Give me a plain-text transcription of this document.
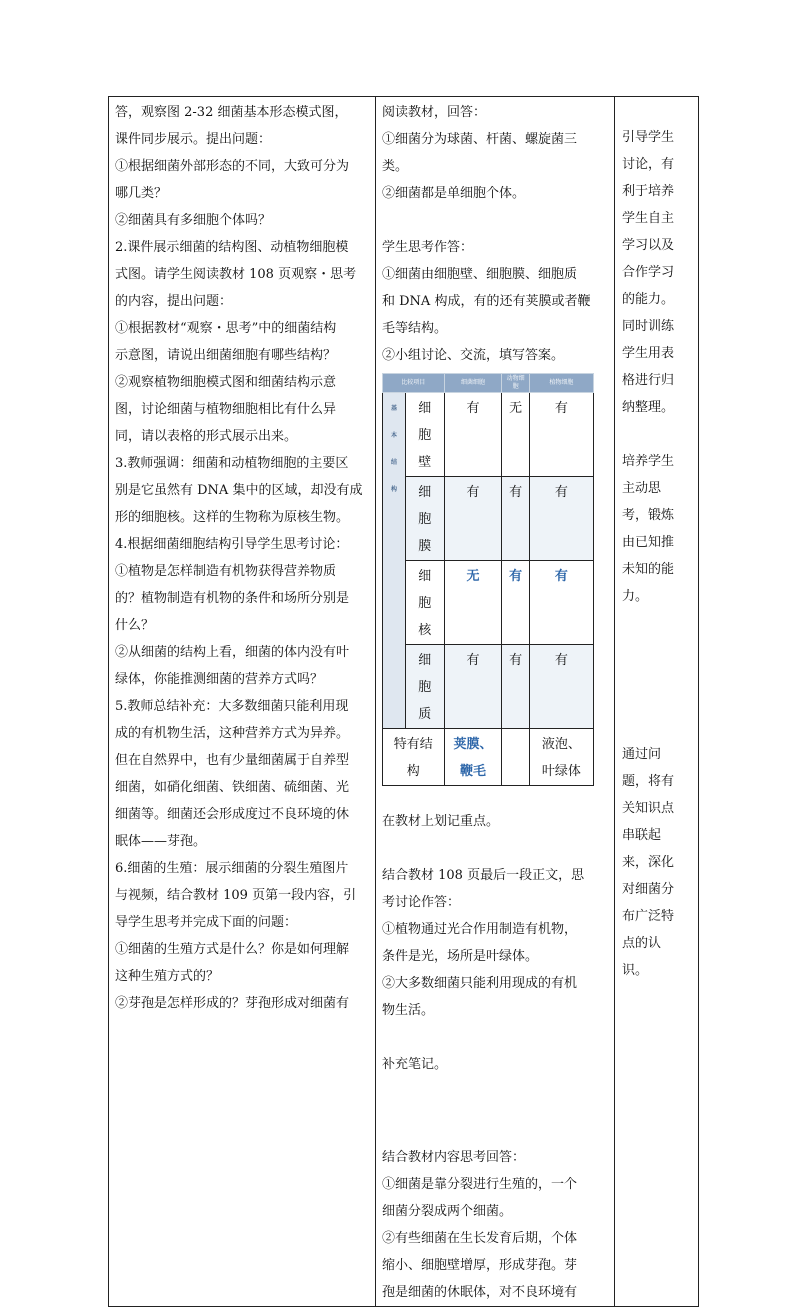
答，观察图 2-32 细菌基本形态模式图，

课件同步展示。提出问题：

①根据细菌外部形态的不同，大致可分为

哪几类？

②细菌具有多细胞个体吗？

2.课件展示细菌的结构图、动植物细胞模

式图。请学生阅读教材 108 页观察・思考

的内容，提出问题：

①根据教材“观察・思考”中的细菌结构

示意图，请说出细菌细胞有哪些结构？

②观察植物细胞模式图和细菌结构示意

图，讨论细菌与植物细胞相比有什么异

同，请以表格的形式展示出来。

3.教师强调：细菌和动植物细胞的主要区

别是它虽然有 DNA 集中的区域，却没有成

形的细胞核。这样的生物称为原核生物。

4.根据细菌细胞结构引导学生思考讨论：

①植物是怎样制造有机物获得营养物质

的？植物制造有机物的条件和场所分别是

什么？

②从细菌的结构上看，细菌的体内没有叶

绿体，你能推测细菌的营养方式吗？

5.教师总结补充：大多数细菌只能利用现

成的有机物生活，这种营养方式为异养。

但在自然界中，也有少量细菌属于自养型

细菌，如硝化细菌、铁细菌、硫细菌、光

细菌等。细菌还会形成度过不良环境的休

眠体——芽孢。

6.细菌的生殖：展示细菌的分裂生殖图片

与视频，结合教材 109 页第一段内容，引

导学生思考并完成下面的问题：

①细菌的生殖方式是什么？你是如何理解

这种生殖方式的？

②芽孢是怎样形成的？芽孢形成对细菌有

阅读教材，回答：

①细菌分为球菌、杆菌、螺旋菌三

类。

②细菌都是单细胞个体。

学生思考作答：

①细菌由细胞壁、细胞膜、细胞质

和 DNA 构成，有的还有荚膜或者鞭

毛等结构。

②小组讨论、交流，填写答案。

比较项目	细菌细胞	动物细胞	植物细胞
基本结构	细胞壁	有	无	有
细胞膜	有	有	有
细胞核	无	有	有
细胞质	有	有	有
特有结构	荚膜、鞭毛		液泡、叶绿体

在教材上划记重点。

结合教材 108 页最后一段正文，思

考讨论作答：

①植物通过光合作用制造有机物，

条件是光，场所是叶绿体。

②大多数细菌只能利用现成的有机

物生活。

补充笔记。

结合教材内容思考回答：

①细菌是靠分裂进行生殖的，一个

细菌分裂成两个细菌。

②有些细菌在生长发育后期，个体

缩小、细胞壁增厚，形成芽孢。芽

孢是细菌的休眠体，对不良环境有

引导学生

讨论，有

利于培养

学生自主

学习以及

合作学习

的能力。

同时训练

学生用表

格进行归

纳整理。

培养学生

主动思

考，锻炼

由已知推

未知的能

力。

通过问

题，将有

关知识点

串联起

来，深化

对细菌分

布广泛特

点的认

识。
